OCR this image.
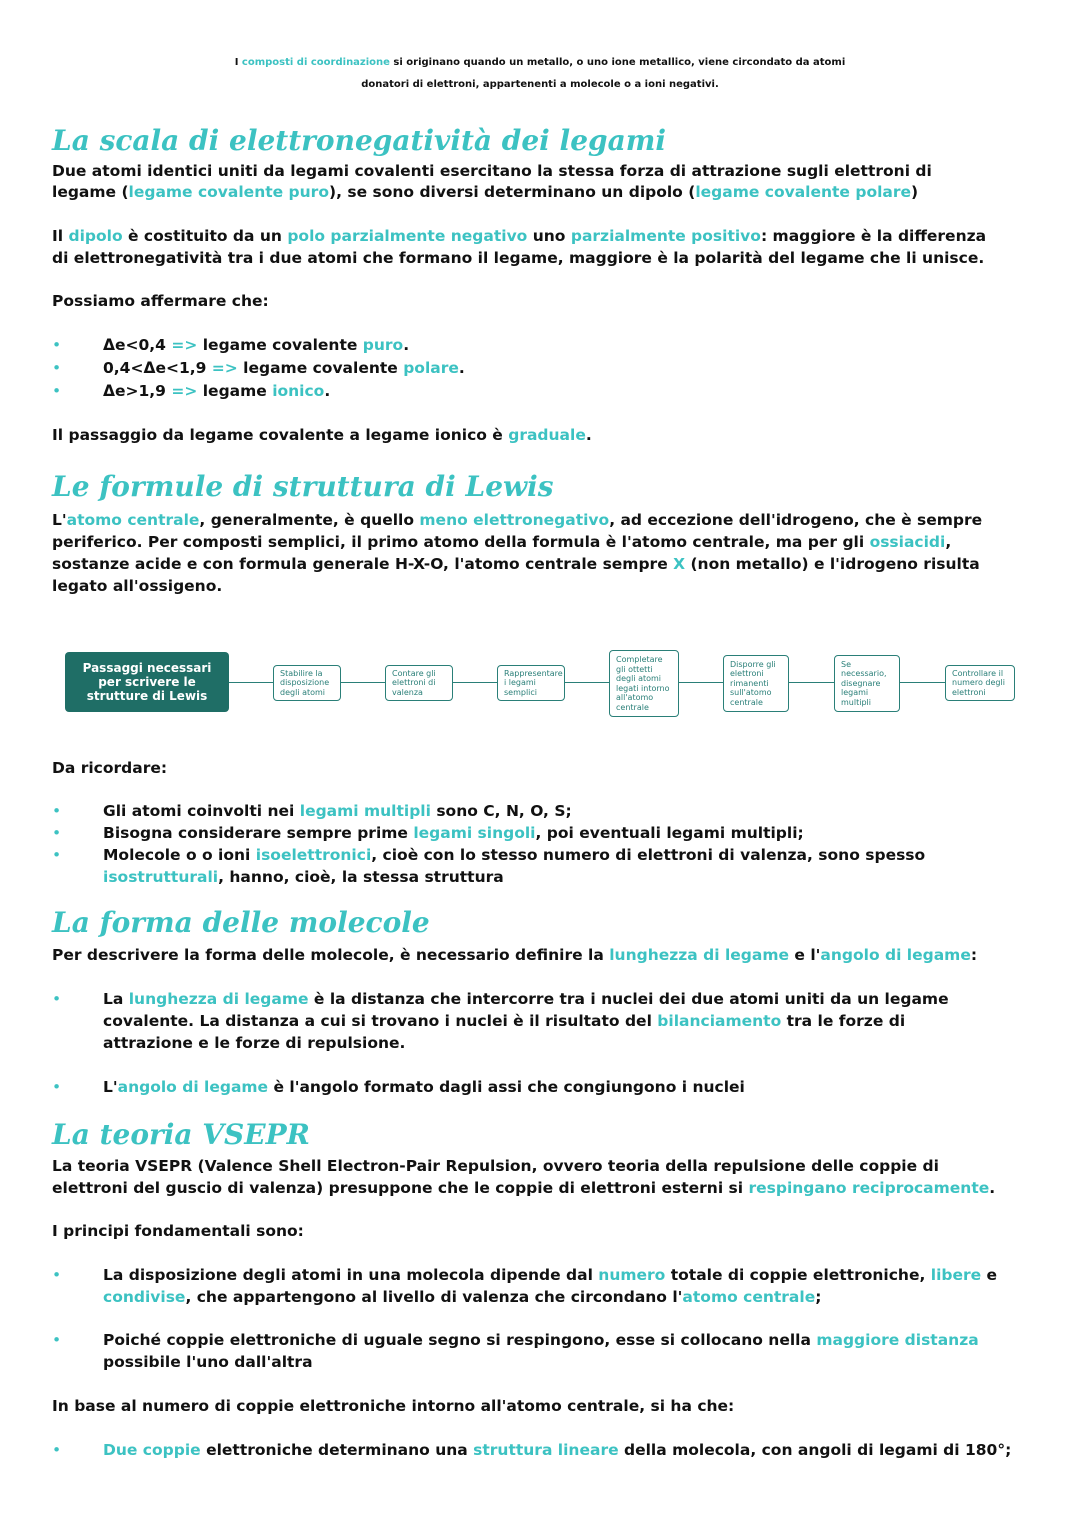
I composti di coordinazione si originano quando un metallo, o uno ione metallico, viene circondato da atomi

donatori di elettroni, appartenenti a molecole o a ioni negativi.

La scala di elettronegatività dei legami

Due atomi identici uniti da legami covalenti esercitano la stessa forza di attrazione sugli elettroni di

legame (legame covalente puro), se sono diversi determinano un dipolo (legame covalente polare)

Il dipolo è costituito da un polo parzialmente negativo uno parzialmente positivo: maggiore è la differenza

di elettronegatività tra i due atomi che formano il legame, maggiore è la polarità del legame che li unisce.

Possiamo affermare che:

•	Δe<0,4 => legame covalente puro.

•	0,4<Δe<1,9 => legame covalente polare.

•	Δe>1,9 => legame ionico.

Il passaggio da legame covalente a legame ionico è graduale.

Le formule di struttura di Lewis

L'atomo centrale, generalmente, è quello meno elettronegativo, ad eccezione dell'idrogeno, che è sempre

periferico. Per composti semplici, il primo atomo della formula è l'atomo centrale, ma per gli ossiacidi,

sostanze acide e con formula generale H-X-O, l'atomo centrale sempre X (non metallo) e l'idrogeno risulta

legato all'ossigeno.

Passaggi necessari per scrivere le strutture di Lewis
Stabilire la disposizione degli atomi
Contare gli elettroni di valenza
Rappresentare i legami semplici
Completare gli ottetti degli atomi legati intorno all'atomo centrale
Disporre gli elettroni rimanenti sull'atomo centrale
Se necessario, disegnare legami multipli
Controllare il numero degli elettroni

Da ricordare:

•	Gli atomi coinvolti nei legami multipli sono C, N, O, S;

•	Bisogna considerare sempre prime legami singoli, poi eventuali legami multipli;

•	Molecole o o ioni isoelettronici, cioè con lo stesso numero di elettroni di valenza, sono spesso

isostrutturali, hanno, cioè, la stessa struttura

La forma delle molecole

Per descrivere la forma delle molecole, è necessario definire la lunghezza di legame e l'angolo di legame:

•	La lunghezza di legame è la distanza che intercorre tra i nuclei dei due atomi uniti da un legame

covalente. La distanza a cui si trovano i nuclei è il risultato del bilanciamento tra le forze di

attrazione e le forze di repulsione.

•	L'angolo di legame è l'angolo formato dagli assi che congiungono i nuclei

La teoria VSEPR

La teoria VSEPR (Valence Shell Electron-Pair Repulsion, ovvero teoria della repulsione delle coppie di

elettroni del guscio di valenza) presuppone che le coppie di elettroni esterni si respingano reciprocamente.

I principi fondamentali sono:

•	La disposizione degli atomi in una molecola dipende dal numero totale di coppie elettroniche, libere e

condivise, che appartengono al livello di valenza che circondano l'atomo centrale;

•	Poiché coppie elettroniche di uguale segno si respingono, esse si collocano nella maggiore distanza

possibile l'uno dall'altra

In base al numero di coppie elettroniche intorno all'atomo centrale, si ha che:

•	Due coppie elettroniche determinano una struttura lineare della molecola, con angoli di legami di 180°;
